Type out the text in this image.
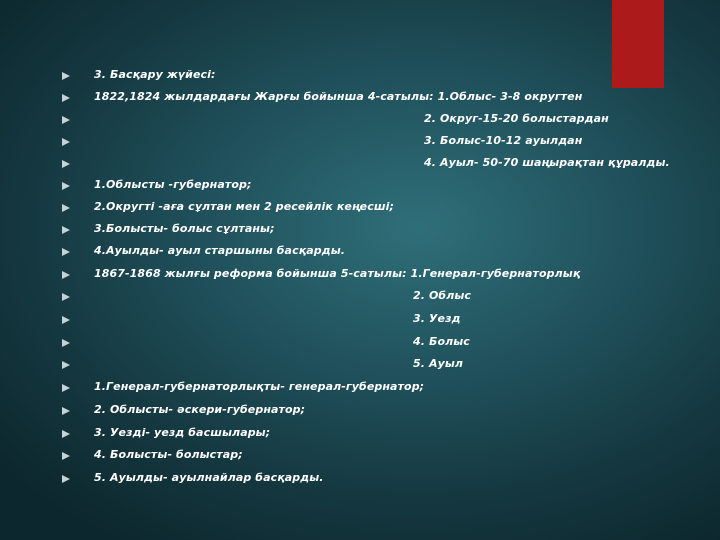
3. Басқару жүйесі:
1822,1824 жылдардағы Жарғы бойынша 4-сатылы: 1.Облыс- 3-8 округтен
2. Округ-15-20 болыстардан
3. Болыс-10-12 ауылдан
4. Ауыл- 50-70 шаңырақтан құралды.
1.Облысты -губернатор;
2.Округті -аға сұлтан мен 2 ресейлік кеңесші;
3.Болысты- болыс сұлтаны;
4.Ауылды- ауыл старшыны басқарды.
1867-1868 жылғы реформа бойынша 5-сатылы: 1.Генерал-губернаторлық
2. Облыс
3. Уезд
4. Болыс
5. Ауыл
1.Генерал-губернаторлықты- генерал-губернатор;
2. Облысты- әскери-губернатор;
3. Уезді- уезд басшылары;
4. Болысты- болыстар;
5. Ауылды- ауылнайлар басқарды.
